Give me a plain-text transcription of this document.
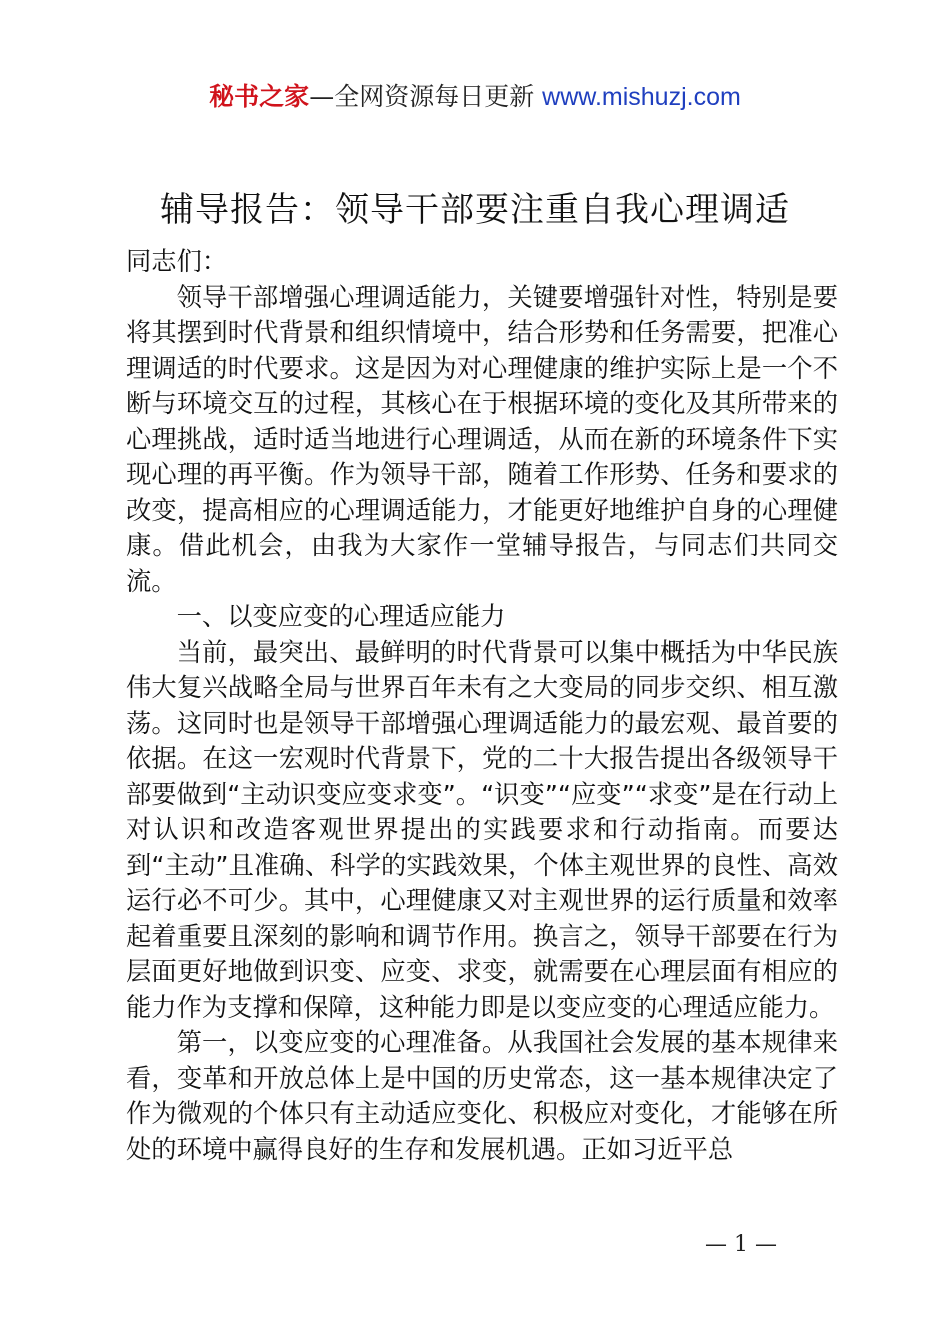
秘书之家—全网资源每日更新 www.mishuzj.com
辅导报告：领导干部要注重自我心理调适

同志们：

领导干部增强心理调适能力，关键要增强针对性，特别是要将其摆到时代背景和组织情境中，结合形势和任务需要，把准心理调适的时代要求。这是因为对心理健康的维护实际上是一个不断与环境交互的过程，其核心在于根据环境的变化及其所带来的心理挑战，适时适当地进行心理调适，从而在新的环境条件下实现心理的再平衡。作为领导干部，随着工作形势、任务和要求的改变，提高相应的心理调适能力，才能更好地维护自身的心理健康。借此机会，由我为大家作一堂辅导报告，与同志们共同交流。

一、以变应变的心理适应能力

当前，最突出、最鲜明的时代背景可以集中概括为中华民族伟大复兴战略全局与世界百年未有之大变局的同步交织、相互激荡。这同时也是领导干部增强心理调适能力的最宏观、最首要的依据。在这一宏观时代背景下，党的二十大报告提出各级领导干部要做到“主动识变应变求变”。“识变”“应变”“求变”是在行动上对认识和改造客观世界提出的实践要求和行动指南。而要达到“主动”且准确、科学的实践效果，个体主观世界的良性、高效运行必不可少。其中，心理健康又对主观世界的运行质量和效率起着重要且深刻的影响和调节作用。换言之，领导干部要在行为层面更好地做到识变、应变、求变，就需要在心理层面有相应的能力作为支撑和保障，这种能力即是以变应变的心理适应能力。

第一，以变应变的心理准备。从我国社会发展的基本规律来看，变革和开放总体上是中国的历史常态，这一基本规律决定了作为微观的个体只有主动适应变化、积极应对变化，才能够在所处的环境中赢得良好的生存和发展机遇。正如习近平总

— 1 —
